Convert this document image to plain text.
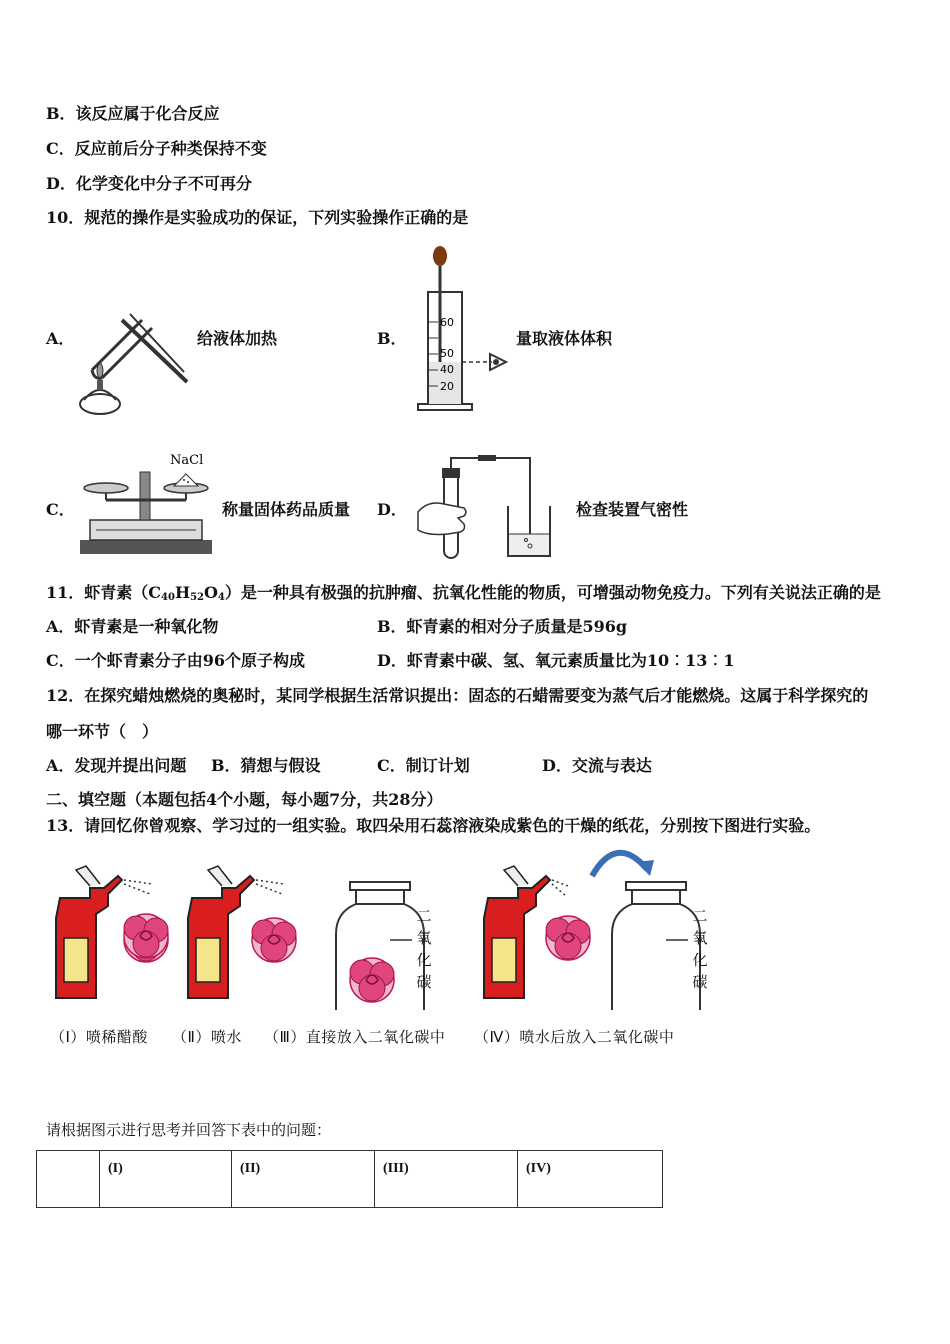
B．该反应属于化合反应
C．反应前后分子种类保持不变
D．化学变化中分子不可再分
10．规范的操作是实验成功的保证，下列实验操作正确的是
A．	给液体加热	B．
60
50
40
20
量取液体体积
C．
NaCl
称量固体药品质量 D．	检查装置气密性
11．虾青素$(C_{40}H_{52}O_4)$是一种具有极强的抗肿瘤、抗氧化性能的物质，可增强动物免疫力。下列有关说法正确的是
A．虾青素是一种氧化物	B．虾青素的相对分子质量是596g
C．一个虾青素分子由96个原子构成	D．虾青素中碳、氢、氧元素质量比为10︰13︰1
12．在探究蜡烛燃烧的奥秘时，某同学根据生活常识提出：固态的石蜡需要变为蒸气后才能燃烧。这属于科学探究的
哪一环节（　）
A．发现并提出问题 B．猜想与假设	C．制订计划	D．交流与表达
二、填空题（本题包括4个小题，每小题7分，共28分）
13．请回忆你曾观察、学习过的一组实验。取四朵用石蕊溶液染成紫色的干燥的纸花，分别按下图进行实验。
二
氧
化
碳
二
氧
化
碳
（Ⅰ）喷稀醋酸 （Ⅱ）喷水 （Ⅲ）直接放入二氧化碳中 （Ⅳ）喷水后放入二氧化碳中
请根据图示进行思考并回答下表中的问题：
	(I)	(II)	(III)	(IV)
